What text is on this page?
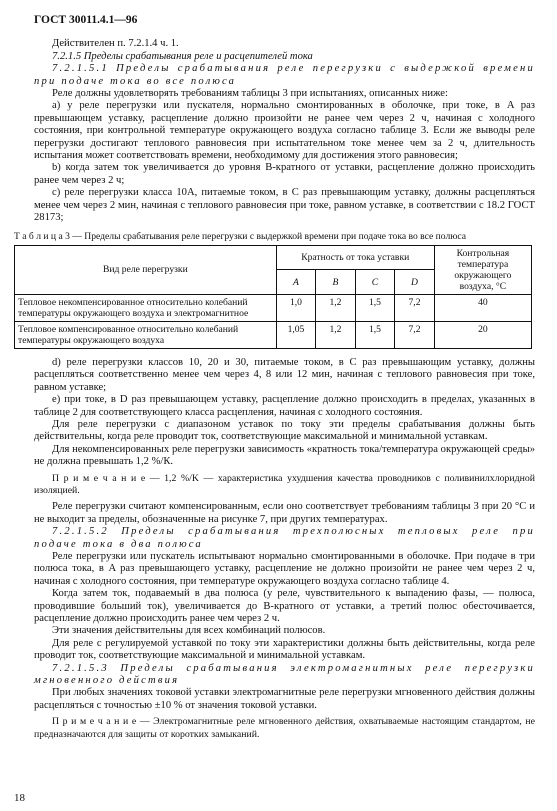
ГОСТ 30011.4.1—96

Действителен п. 7.2.1.4 ч. 1.

7.2.1.5 Пределы срабатывания реле и расцепителей тока

7.2.1.5.1 Пределы срабатывания реле перегрузки с выдержкой времени при подаче тока во все полюса

Реле должны удовлетворять требованиям таблицы 3 при испытаниях, описанных ниже:

а) у реле перегрузки или пускателя, нормально смонтированных в оболочке, при токе, в A раз превышающем уставку, расцепление должно произойти не ранее чем через 2 ч, начиная с холодного состояния, при контрольной температуре окружающего воздуха согласно таблице 3. Если же выводы реле перегрузки достигают теплового равновесия при испытательном токе менее чем за 2 ч, длительность испытания может соответствовать времени, необходимому для достижения этого равновесия;

b) когда затем ток увеличивается до уровня B-кратного от уставки, расцепление должно происходить ранее чем через 2 ч;

c) реле перегрузки класса 10А, питаемые током, в C раз превышающим уставку, должны расцепляться менее чем через 2 мин, начиная с теплового равновесия при токе, равном уставке, в соответствии с 18.2 ГОСТ 28173;

Т а б л и ц а 3 — Пределы срабатывания реле перегрузки с выдержкой времени при подаче тока во все полюса
Вид реле перегрузки	Кратность от тока уставки				Контрольная температура окружающего воздуха, °С
	A	B	C	D	
Тепловое некомпенсированное относительно колебаний температуры окружающего воздуха и электромагнитное	1,0	1,2	1,5	7,2	40
Тепловое компенсированное относительно колебаний температуры окружающего воздуха	1,05	1,2	1,5	7,2	20

d) реле перегрузки классов 10, 20 и 30, питаемые током, в C раз превышающим уставку, должны расцепляться соответственно менее чем через 4, 8 или 12 мин, начиная с теплового равновесия при токе, равном уставке;

e) при токе, в D раз превышающем уставку, расцепление должно происходить в пределах, указанных в таблице 2 для соответствующего класса расцепления, начиная с холодного состояния.

Для реле перегрузки с диапазоном уставок по току эти пределы срабатывания должны быть действительны, когда реле проводит ток, соответствующие максимальной и минимальной уставкам.

Для некомпенсированных реле перегрузки зависимость «кратность тока/температура окружающей среды» не должна превышать 1,2 %/К.

П р и м е ч а н и е — 1,2 %/K — характеристика ухудшения качества проводников с поливинилхлоридной изоляцией.

Реле перегрузки считают компенсированным, если оно соответствует требованиям таблицы 3 при 20 °С и не выходит за пределы, обозначенные на рисунке 7, при других температурах.

7.2.1.5.2 Пределы срабатывания трехполюсных тепловых реле при подаче тока в два полюса

Реле перегрузки или пускатель испытывают нормально смонтированными в оболочке. При подаче в три полюса тока, в A раз превышающего уставку, расцепление не должно произойти не ранее чем через 2 ч, начиная с холодного состояния, при температуре окружающего воздуха согласно таблице 4.

Когда затем ток, подаваемый в два полюса (у реле, чувствительного к выпадению фазы, — полюса, проводившие больший ток), увеличивается до B-кратного от уставки, а третий полюс обесточивается, расцепление должно происходить ранее чем через 2 ч.

Эти значения действительны для всех комбинаций полюсов.

Для реле с регулируемой уставкой по току эти характеристики должны быть действительны, когда реле проводит ток, соответствующие максимальной и минимальной уставкам.

7.2.1.5.3 Пределы срабатывания электромагнитных реле перегрузки мгновенного действия

При любых значениях токовой уставки электромагнитные реле перегрузки мгновенного действия должны расцепляться с точностью ±10 % от значения токовой уставки.

П р и м е ч а н и е — Электромагнитные реле мгновенного действия, охватываемые настоящим стандартом, не предназначаются для защиты от коротких замыканий.

18
